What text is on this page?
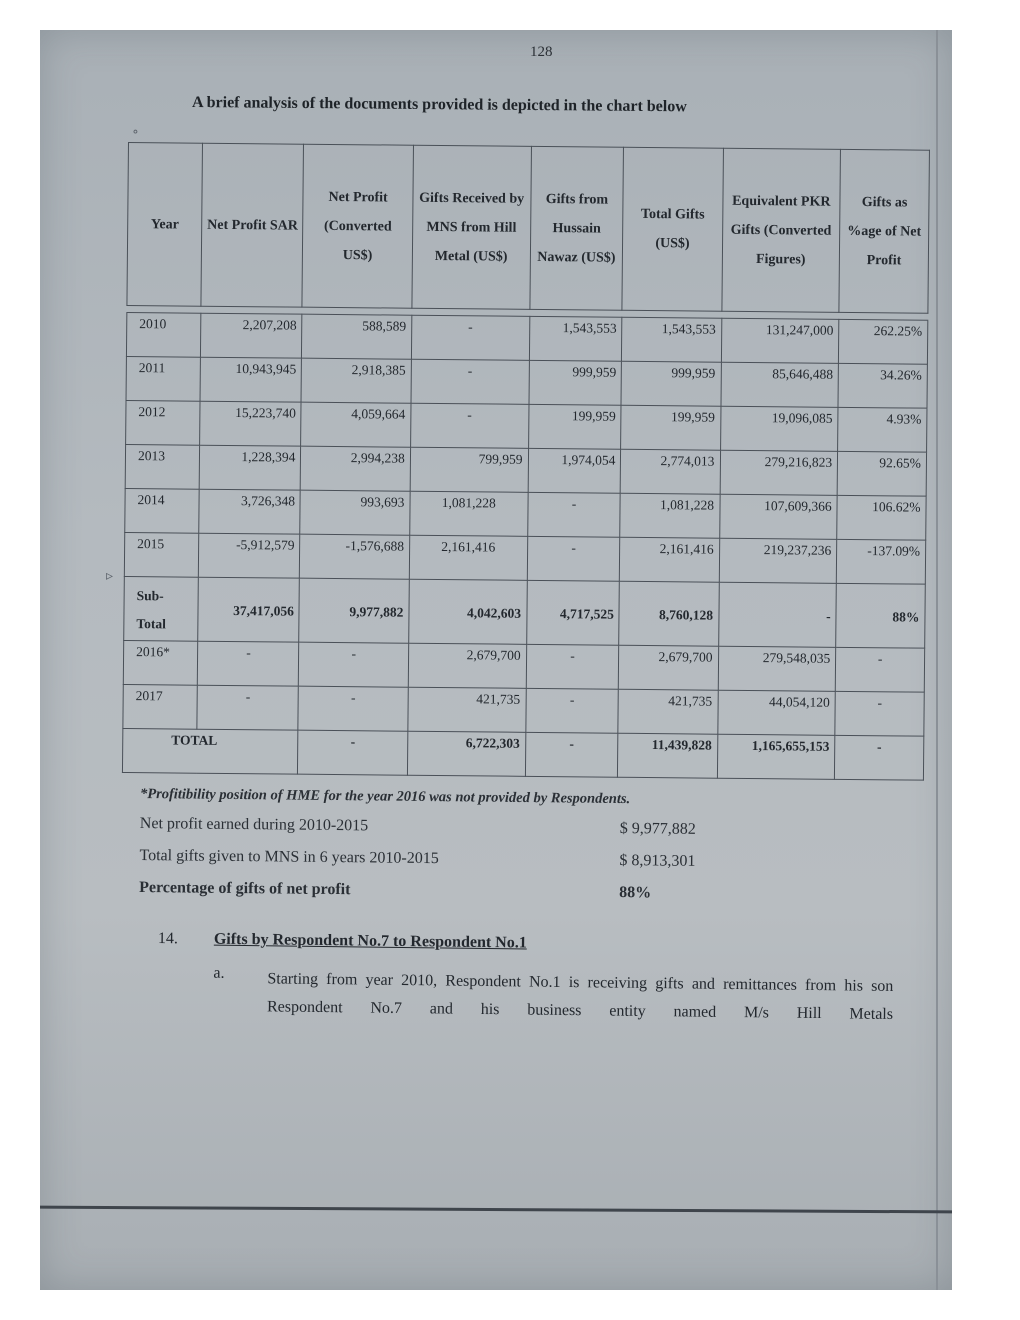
∘
▹
128
A brief analysis of the documents provided is depicted in the chart below
Year	Net Profit SAR	Net Profit (Converted US$)	Gifts Received by MNS from Hill Metal (US$)	Gifts from Hussain Nawaz (US$)	Total Gifts (US$)	Equivalent PKR Gifts (Converted Figures)	Gifts as %age of Net Profit

2010	2,207,208	588,589	-	1,543,553	1,543,553	131,247,000	262.25%
2011	10,943,945	2,918,385	-	999,959	999,959	85,646,488	34.26%
2012	15,223,740	4,059,664	-	199,959	199,959	19,096,085	4.93%
2013	1,228,394	2,994,238	799,959	1,974,054	2,774,013	279,216,823	92.65%
2014	3,726,348	993,693	1,081,228	-	1,081,228	107,609,366	106.62%
2015	-5,912,579	-1,576,688	2,161,416	-	2,161,416	219,237,236	-137.09%

Sub-
Total	37,417,056	9,977,882	4,042,603	4,717,525	8,760,128	-	88%
2016*	-	-	2,679,700	-	2,679,700	279,548,035	-
2017	-	-	421,735	-	421,735	44,054,120	-
TOTAL		-	6,722,303	-	11,439,828	1,165,655,153	-
*Profitibility position of HME for the year 2016 was not provided by Respondents.
Net profit earned during 2010-2015	$ 9,977,882
Total gifts given to MNS in 6 years 2010-2015	$ 8,913,301
Percentage of gifts of net profit	88%
14. Gifts by Respondent No.7 to Respondent No.1
a.	Starting from year 2010, Respondent No.1 is receiving gifts and remittances from his son Respondent No.7 and his business entity named M/s Hill Metals
